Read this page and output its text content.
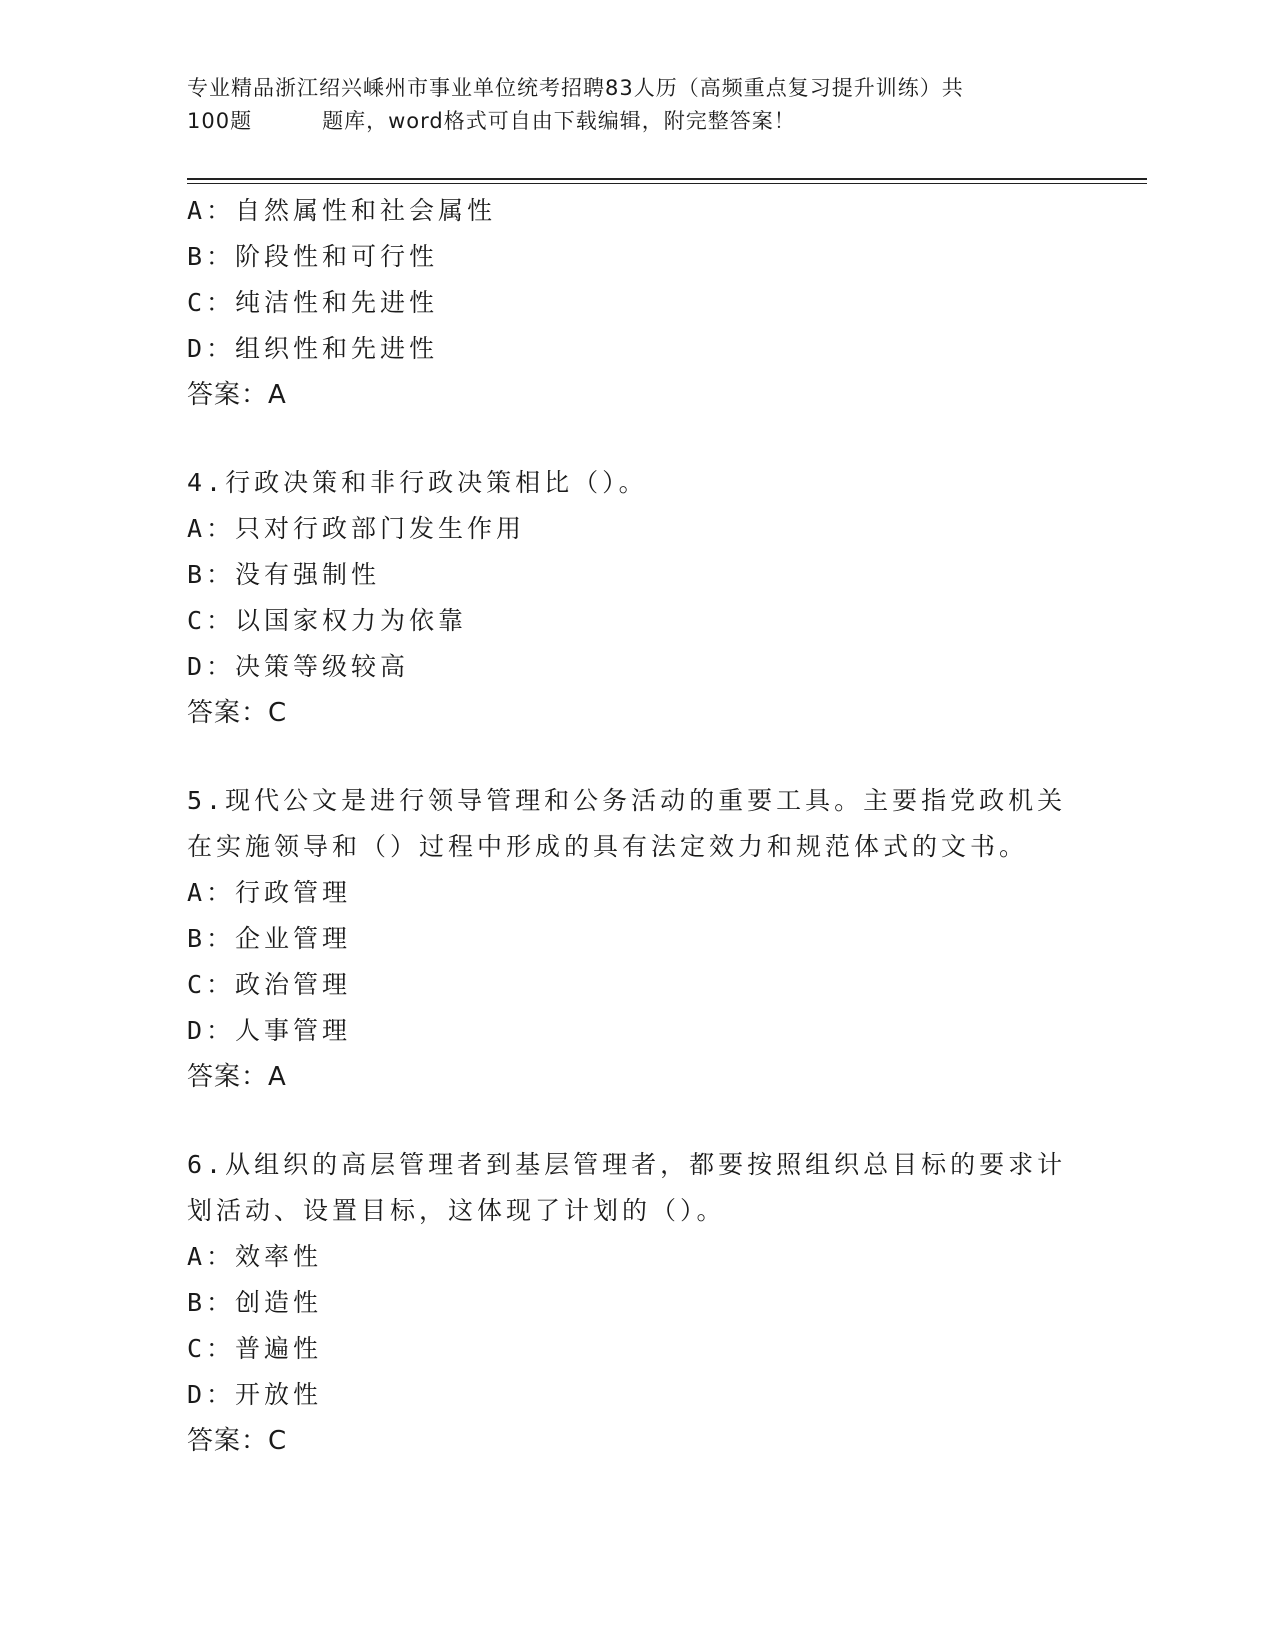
专业精品浙江绍兴嵊州市事业单位统考招聘83人历（高频重点复习提升训练）共
100题	题库，word格式可自由下载编辑，附完整答案！
A：自然属性和社会属性
B：阶段性和可行性
C：纯洁性和先进性
D：组织性和先进性
答案：A
4.行政决策和非行政决策相比（）。
A：只对行政部门发生作用
B：没有强制性
C：以国家权力为依靠
D：决策等级较高
答案：C
5.现代公文是进行领导管理和公务活动的重要工具。主要指党政机关
在实施领导和（）过程中形成的具有法定效力和规范体式的文书。
A：行政管理
B：企业管理
C：政治管理
D：人事管理
答案：A
6.从组织的高层管理者到基层管理者，都要按照组织总目标的要求计
划活动、设置目标，这体现了计划的（）。
A：效率性
B：创造性
C：普遍性
D：开放性
答案：C
